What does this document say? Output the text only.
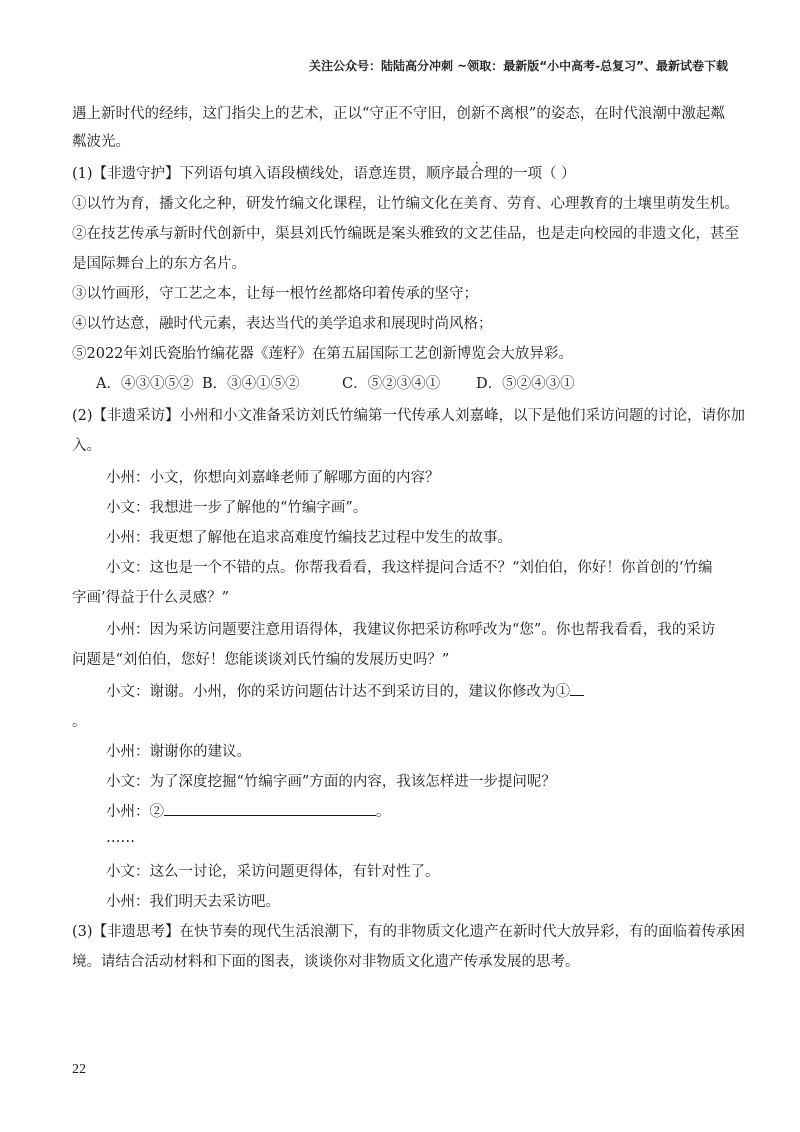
关注公众号：陆陆高分冲刺 ~领取：最新版“小中高考-总复习”、最新试卷下载
遇上新时代的经纬，这门指尖上的艺术，正以“守正不守旧，创新不离根”的姿态，在时代浪潮中激起粼
粼波光。
(1)【非遗守护】下列语句填入语段横线处，语意连贯，顺序最合理的一项（ ）
①以竹为育，播文化之种，研发竹编文化课程，让竹编文化在美育、劳育、心理教育的土壤里萌发生机。
②在技艺传承与新时代创新中，渠县刘氏竹编既是案头雅致的文艺佳品，也是走向校园的非遗文化，甚至
是国际舞台上的东方名片。
③以竹画形，守工艺之本，让每一根竹丝都烙印着传承的坚守；
④以竹达意，融时代元素，表达当代的美学追求和展现时尚风格；
⑤2022年刘氏瓷胎竹编花器《莲籽》在第五届国际工艺创新博览会大放异彩。
A．④③①⑤② B．③④①⑤②	C．⑤②③④① D．⑤②④③①
(2)【非遗采访】小州和小文准备采访刘氏竹编第一代传承人刘嘉峰，以下是他们采访问题的讨论，请你加
入。
小州：小文，你想向刘嘉峰老师了解哪方面的内容？
小文：我想进一步了解他的“竹编字画”。
小州：我更想了解他在追求高难度竹编技艺过程中发生的故事。
小文：这也是一个不错的点。你帮我看看，我这样提问合适不？“刘伯伯，你好！你首创的‘竹编
字画’得益于什么灵感？”
小州：因为采访问题要注意用语得体，我建议你把采访称呼改为“您”。你也帮我看看，我的采访
问题是“刘伯伯，您好！您能谈谈刘氏竹编的发展历史吗？”
小文：谢谢。小州，你的采访问题估计达不到采访目的，建议你修改为①
。
小州：谢谢你的建议。
小文：为了深度挖掘“竹编字画”方面的内容，我该怎样进一步提问呢？
小州：②	。
……
小文：这么一讨论，采访问题更得体，有针对性了。
小州：我们明天去采访吧。
(3)【非遗思考】在快节奏的现代生活浪潮下，有的非物质文化遗产在新时代大放异彩，有的面临着传承困
境。请结合活动材料和下面的图表，谈谈你对非物质文化遗产传承发展的思考。
22
